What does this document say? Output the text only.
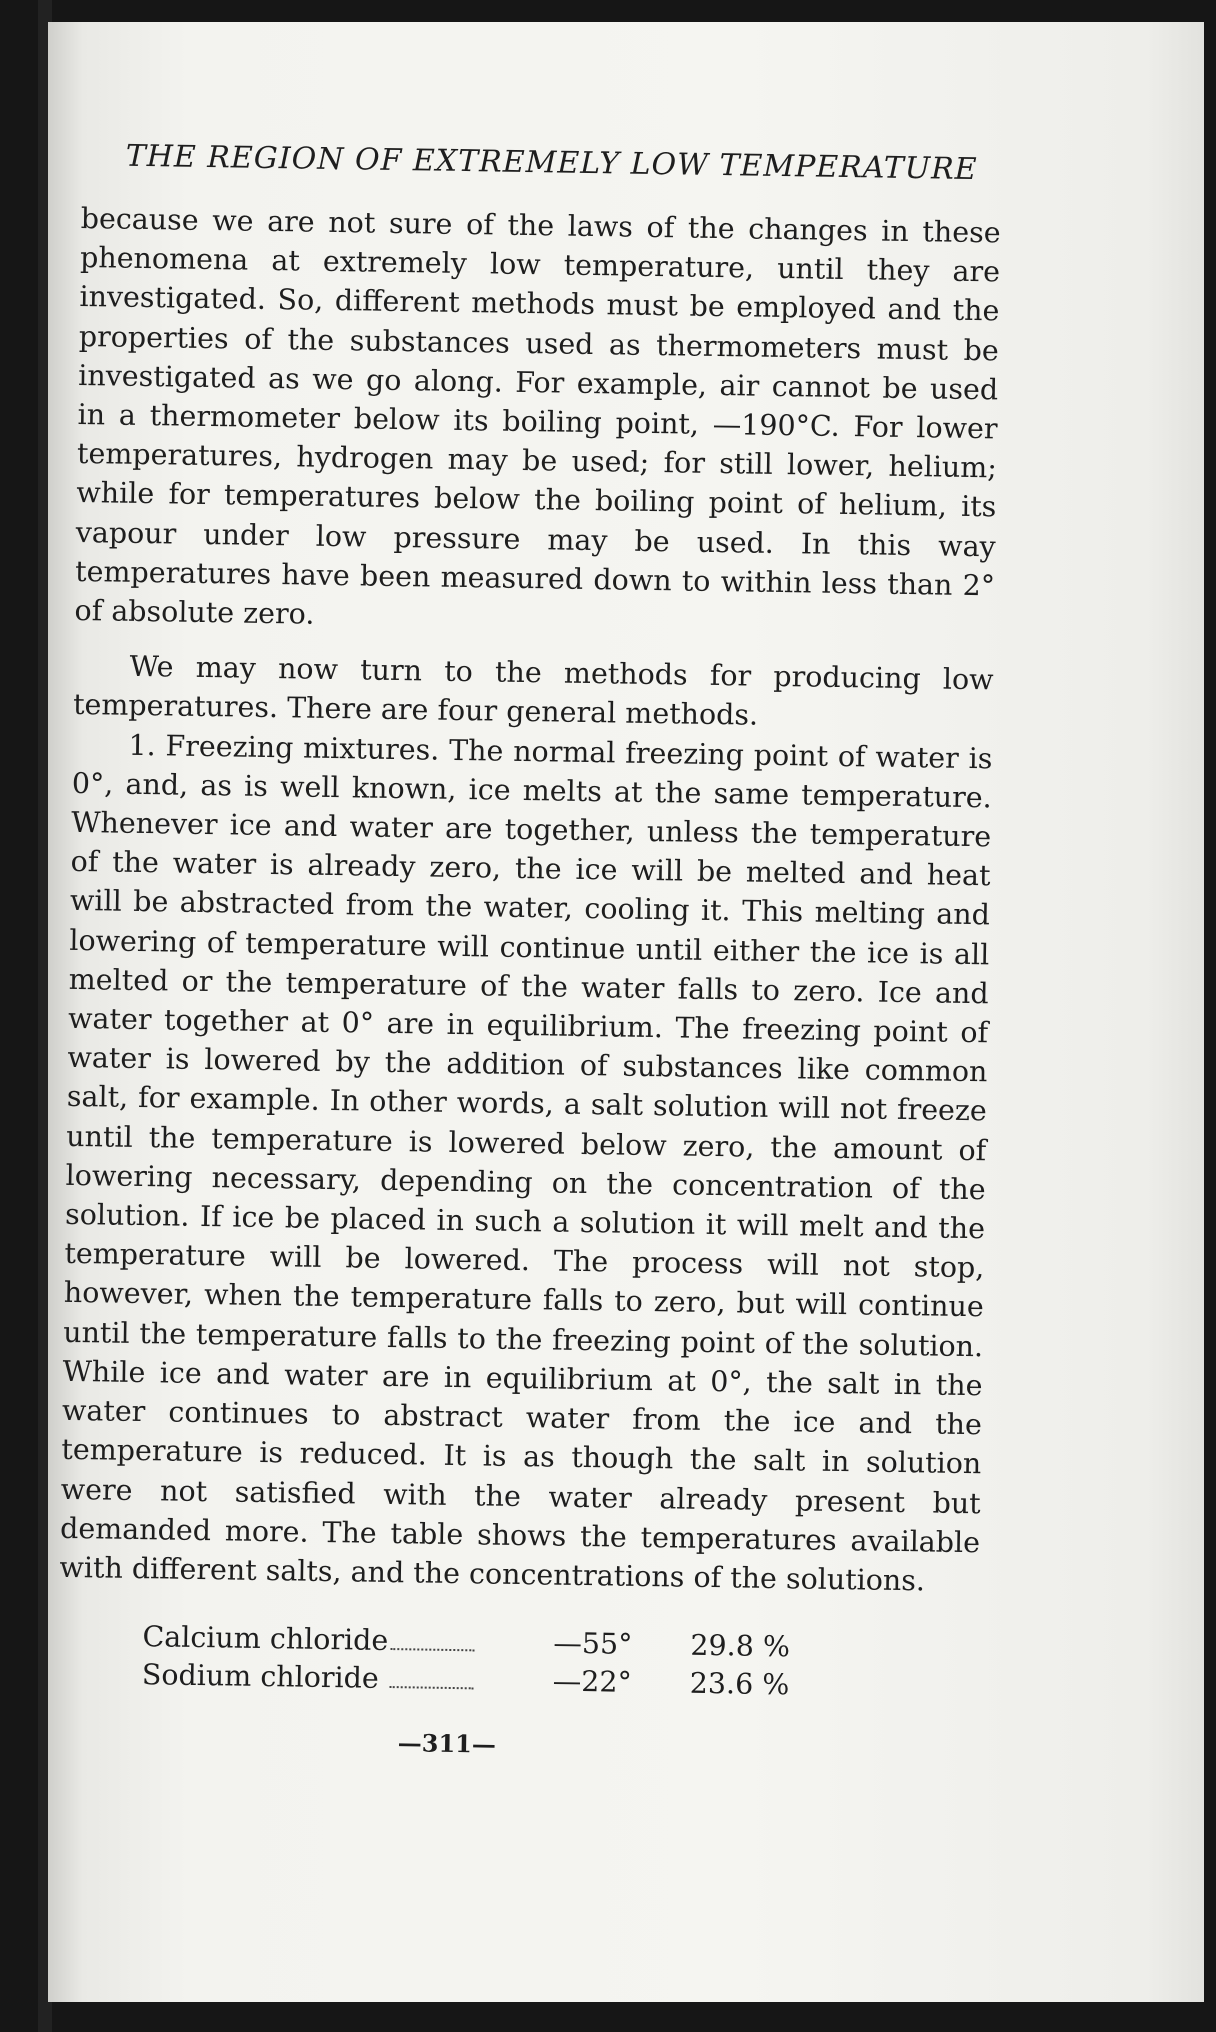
THE REGION OF EXTREMELY LOW TEMPERATURE

because we are not sure of the laws of the changes in these phenomena at extremely low temperature, until they are investigated. So, different methods must be employed and the properties of the substances used as thermometers must be investigated as we go along. For example, air cannot be used in a thermometer below its boiling point, —190°C. For lower temperatures, hydrogen may be used; for still lower, helium; while for temperatures below the boiling point of helium, its vapour under low pressure may be used. In this way temperatures have been measured down to within less than 2° of absolute zero.

We may now turn to the methods for producing low temperatures. There are four general methods.

1. Freezing mixtures. The normal freezing point of water is 0°, and, as is well known, ice melts at the same temperature. Whenever ice and water are together, unless the temperature of the water is already zero, the ice will be melted and heat will be abstracted from the water, cooling it. This melting and lowering of temperature will continue until either the ice is all melted or the temperature of the water falls to zero. Ice and water together at 0° are in equilibrium. The freezing point of water is lowered by the addition of substances like common salt, for example. In other words, a salt solution will not freeze until the temperature is lowered below zero, the amount of lowering necessary, depending on the concentration of the solution. If ice be placed in such a solution it will melt and the temperature will be lowered. The process will not stop, however, when the temperature falls to zero, but will continue until the temperature falls to the freezing point of the solution. While ice and water are in equilibrium at 0°, the salt in the water continues to abstract water from the ice and the temperature is reduced. It is as though the salt in solution were not satisfied with the water already present but demanded more. The table shows the temperatures available with different salts, and the concentrations of the solutions.

Calcium chloride	—55°	29.8 %
Sodium chloride	—22°	23.6 %
—311—
